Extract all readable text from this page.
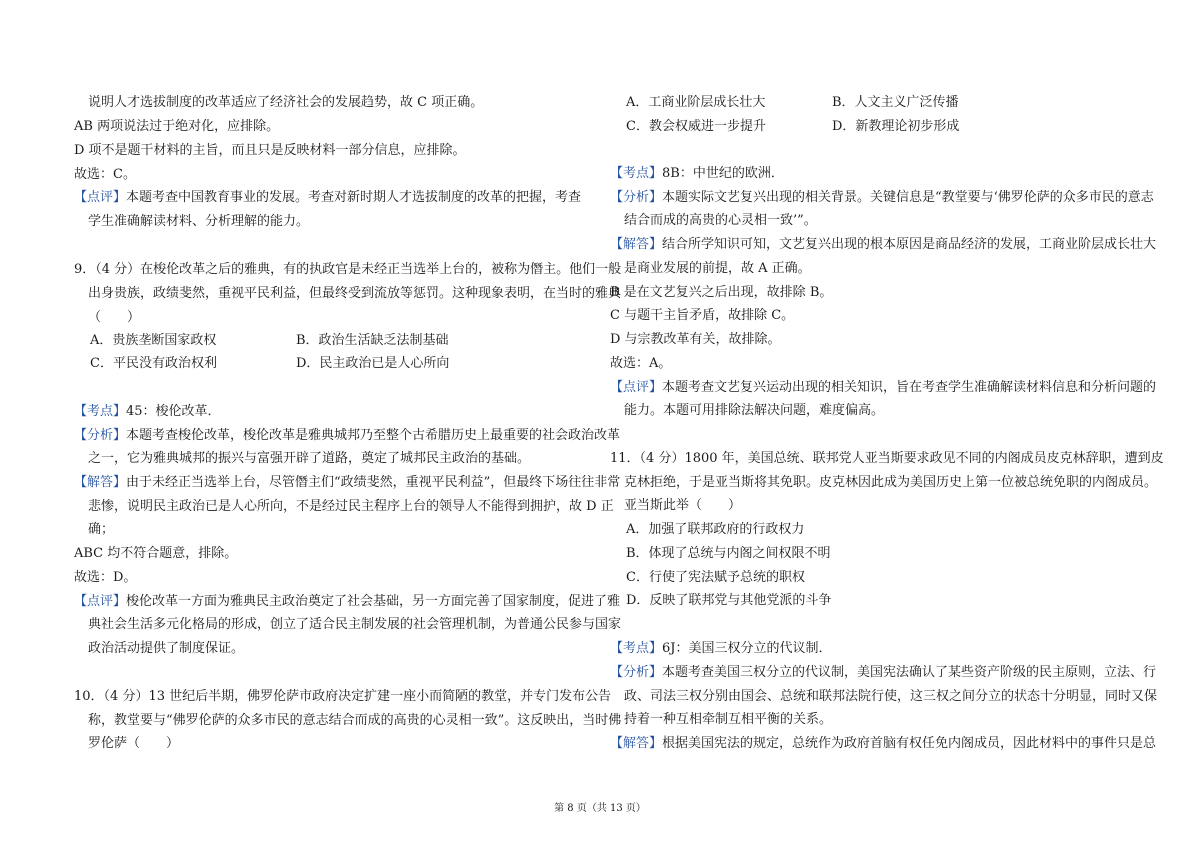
说明人才选拔制度的改革适应了经济社会的发展趋势，故 C 项正确。
AB 两项说法过于绝对化，应排除。
D 项不是题干材料的主旨，而且只是反映材料一部分信息，应排除。
故选：C。
【点评】本题考查中国教育事业的发展。考查对新时期人才选拔制度的改革的把握，考查
学生准确解读材料、分析理解的能力。
9．（4 分）在梭伦改革之后的雅典，有的执政官是未经正当选举上台的，被称为僭主。他们一般
出身贵族，政绩斐然，重视平民利益，但最终受到流放等惩罚。这种现象表明，在当时的雅典
（　　）
A．贵族垄断国家政权	B．政治生活缺乏法制基础
C．平民没有政治权利	D．民主政治已是人心所向
【考点】45：梭伦改革．
【分析】本题考查梭伦改革，梭伦改革是雅典城邦乃至整个古希腊历史上最重要的社会政治改革
之一，它为雅典城邦的振兴与富强开辟了道路，奠定了城邦民主政治的基础。
【解答】由于未经正当选举上台，尽管僭主们“政绩斐然，重视平民利益”，但最终下场往往非常
悲惨，说明民主政治已是人心所向，不是经过民主程序上台的领导人不能得到拥护，故 D 正
确；
ABC 均不符合题意，排除。
故选：D。
【点评】梭伦改革一方面为雅典民主政治奠定了社会基础，另一方面完善了国家制度，促进了雅
典社会生活多元化格局的形成，创立了适合民主制发展的社会管理机制，为普通公民参与国家
政治活动提供了制度保证。
10．（4 分）13 世纪后半期，佛罗伦萨市政府决定扩建一座小而简陋的教堂，并专门发布公告
称，教堂要与“佛罗伦萨的众多市民的意志结合而成的高贵的心灵相一致”。这反映出，当时佛
罗伦萨（　　）
A．工商业阶层成长壮大	B．人文主义广泛传播
C．教会权威进一步提升	D．新教理论初步形成
【考点】8B：中世纪的欧洲．
【分析】本题实际文艺复兴出现的相关背景。关键信息是“教堂要与‘佛罗伦萨的众多市民的意志
结合而成的高贵的心灵相一致’”。
【解答】结合所学知识可知，文艺复兴出现的根本原因是商品经济的发展，工商业阶层成长壮大
是商业发展的前提，故 A 正确。
B 是在文艺复兴之后出现，故排除 B。
C 与题干主旨矛盾，故排除 C。
D 与宗教改革有关，故排除。
故选：A。
【点评】本题考查文艺复兴运动出现的相关知识，旨在考查学生准确解读材料信息和分析问题的
能力。本题可用排除法解决问题，难度偏高。
11．（4 分）1800 年，美国总统、联邦党人亚当斯要求政见不同的内阁成员皮克林辞职，遭到皮
克林拒绝，于是亚当斯将其免职。皮克林因此成为美国历史上第一位被总统免职的内阁成员。
亚当斯此举（　　）
A．加强了联邦政府的行政权力
B．体现了总统与内阁之间权限不明
C．行使了宪法赋予总统的职权
D．反映了联邦党与其他党派的斗争
【考点】6J：美国三权分立的代议制．
【分析】本题考查美国三权分立的代议制，美国宪法确认了某些资产阶级的民主原则，立法、行
政、司法三权分别由国会、总统和联邦法院行使，这三权之间分立的状态十分明显，同时又保
持着一种互相牵制互相平衡的关系。
【解答】根据美国宪法的规定，总统作为政府首脑有权任免内阁成员，因此材料中的事件只是总
第 8 页（共 13 页）
